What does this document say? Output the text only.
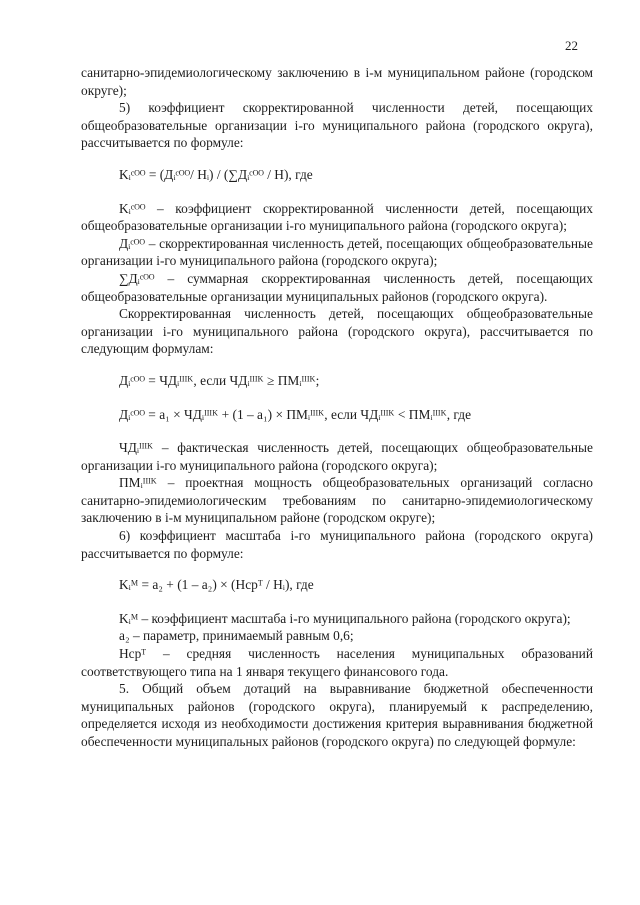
22

санитарно-эпидемиологическому заключению в i-м муниципальном районе (городском округе);

5) коэффициент скорректированной численности детей, посещающих общеобразовательные организации i-го муниципального района (городского округа), рассчитывается по формуле:

Kᵢᶜᴼᴼ = (Дᵢᶜᴼᴼ/ Hᵢ) / (∑Дᵢᶜᴼᴼ / H), где

Kᵢᶜᴼᴼ – коэффициент скорректированной численности детей, посещающих общеобразовательные организации i-го муниципального района (городского округа);

Дᵢᶜᴼᴼ – скорректированная численность детей, посещающих общеобразовательные организации i-го муниципального района (городского округа);

∑Дᵢᶜᴼᴼ – суммарная скорректированная численность детей, посещающих общеобразовательные организации муниципальных районов (городского округа).

Скорректированная численность детей, посещающих общеобразовательные организации i-го муниципального района (городского округа), рассчитывается по следующим формулам:

Дᵢᶜᴼᴼ = ЧДᵢᴵᴵᴵᴷ, если ЧДᵢᴵᴵᴵᴷ ≥ ПМᵢᴵᴵᴵᴷ;

Дᵢᶜᴼᴼ = a₁ × ЧДᵢᴵᴵᴵᴷ + (1 – a₁) × ПМᵢᴵᴵᴵᴷ, если ЧДᵢᴵᴵᴵᴷ < ПМᵢᴵᴵᴵᴷ, где

ЧДᵢᴵᴵᴵᴷ – фактическая численность детей, посещающих общеобразовательные организации i-го муниципального района (городского округа);

ПМᵢᴵᴵᴵᴷ – проектная мощность общеобразовательных организаций согласно санитарно-эпидемиологическим требованиям по санитарно-эпидемиологическому заключению в i-м муниципальном районе (городском округе);

6) коэффициент масштаба i-го муниципального района (городского округа) рассчитывается по формуле:

Kᵢᴹ = a₂ + (1 – a₂) × (Hсрᵀ / Hᵢ), где

Kᵢᴹ – коэффициент масштаба i-го муниципального района (городского округа);

a₂ – параметр, принимаемый равным 0,6;

Hсрᵀ – средняя численность населения муниципальных образований соответствующего типа на 1 января текущего финансового года.

5. Общий объем дотаций на выравнивание бюджетной обеспеченности муниципальных районов (городского округа), планируемый к распределению, определяется исходя из необходимости достижения критерия выравнивания бюджетной обеспеченности муниципальных районов (городского округа) по следующей формуле:
